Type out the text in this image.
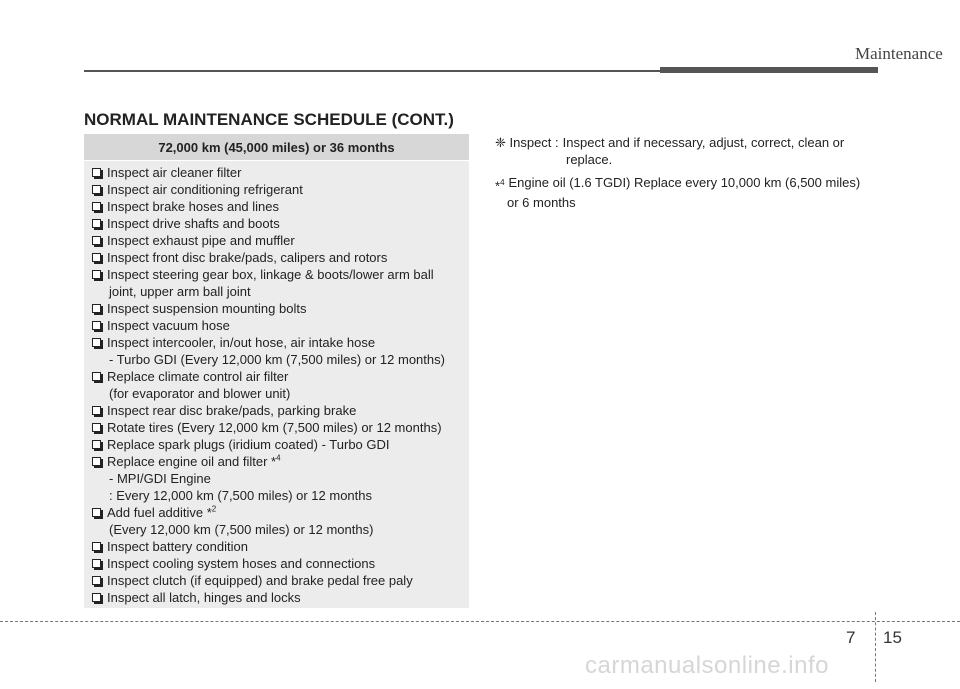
Maintenance
NORMAL MAINTENANCE SCHEDULE (CONT.)
72,000 km (45,000 miles) or 36 months
Inspect air cleaner filter
Inspect air conditioning refrigerant
Inspect brake hoses and lines
Inspect drive shafts and boots
Inspect exhaust pipe and muffler
Inspect front disc brake/pads, calipers and rotors
Inspect steering gear box, linkage & boots/lower arm ball
joint, upper arm ball joint
Inspect suspension mounting bolts
Inspect vacuum hose
Inspect intercooler, in/out hose, air intake hose
- Turbo GDI (Every 12,000 km (7,500 miles) or 12 months)
Replace climate control air filter
(for evaporator and blower unit)
Inspect rear disc brake/pads, parking brake
Rotate tires (Every 12,000 km (7,500 miles) or 12 months)
Replace spark plugs (iridium coated) - Turbo GDI
Replace engine oil and filter *$^4$
- MPI/GDI Engine
: Every 12,000 km (7,500 miles) or 12 months
Add fuel additive *$^2$
(Every 12,000 km (7,500 miles) or 12 months)
Inspect battery condition
Inspect cooling system hoses and connections
Inspect clutch (if equipped) and brake pedal free paly
Inspect all latch, hinges and locks
❈ Inspect : Inspect and if necessary, adjust, correct, clean or
replace.
*$^4$ Engine oil (1.6 TGDI) Replace every 10,000 km (6,500 miles)
or 6 months
7 15
carmanualsonline.info
